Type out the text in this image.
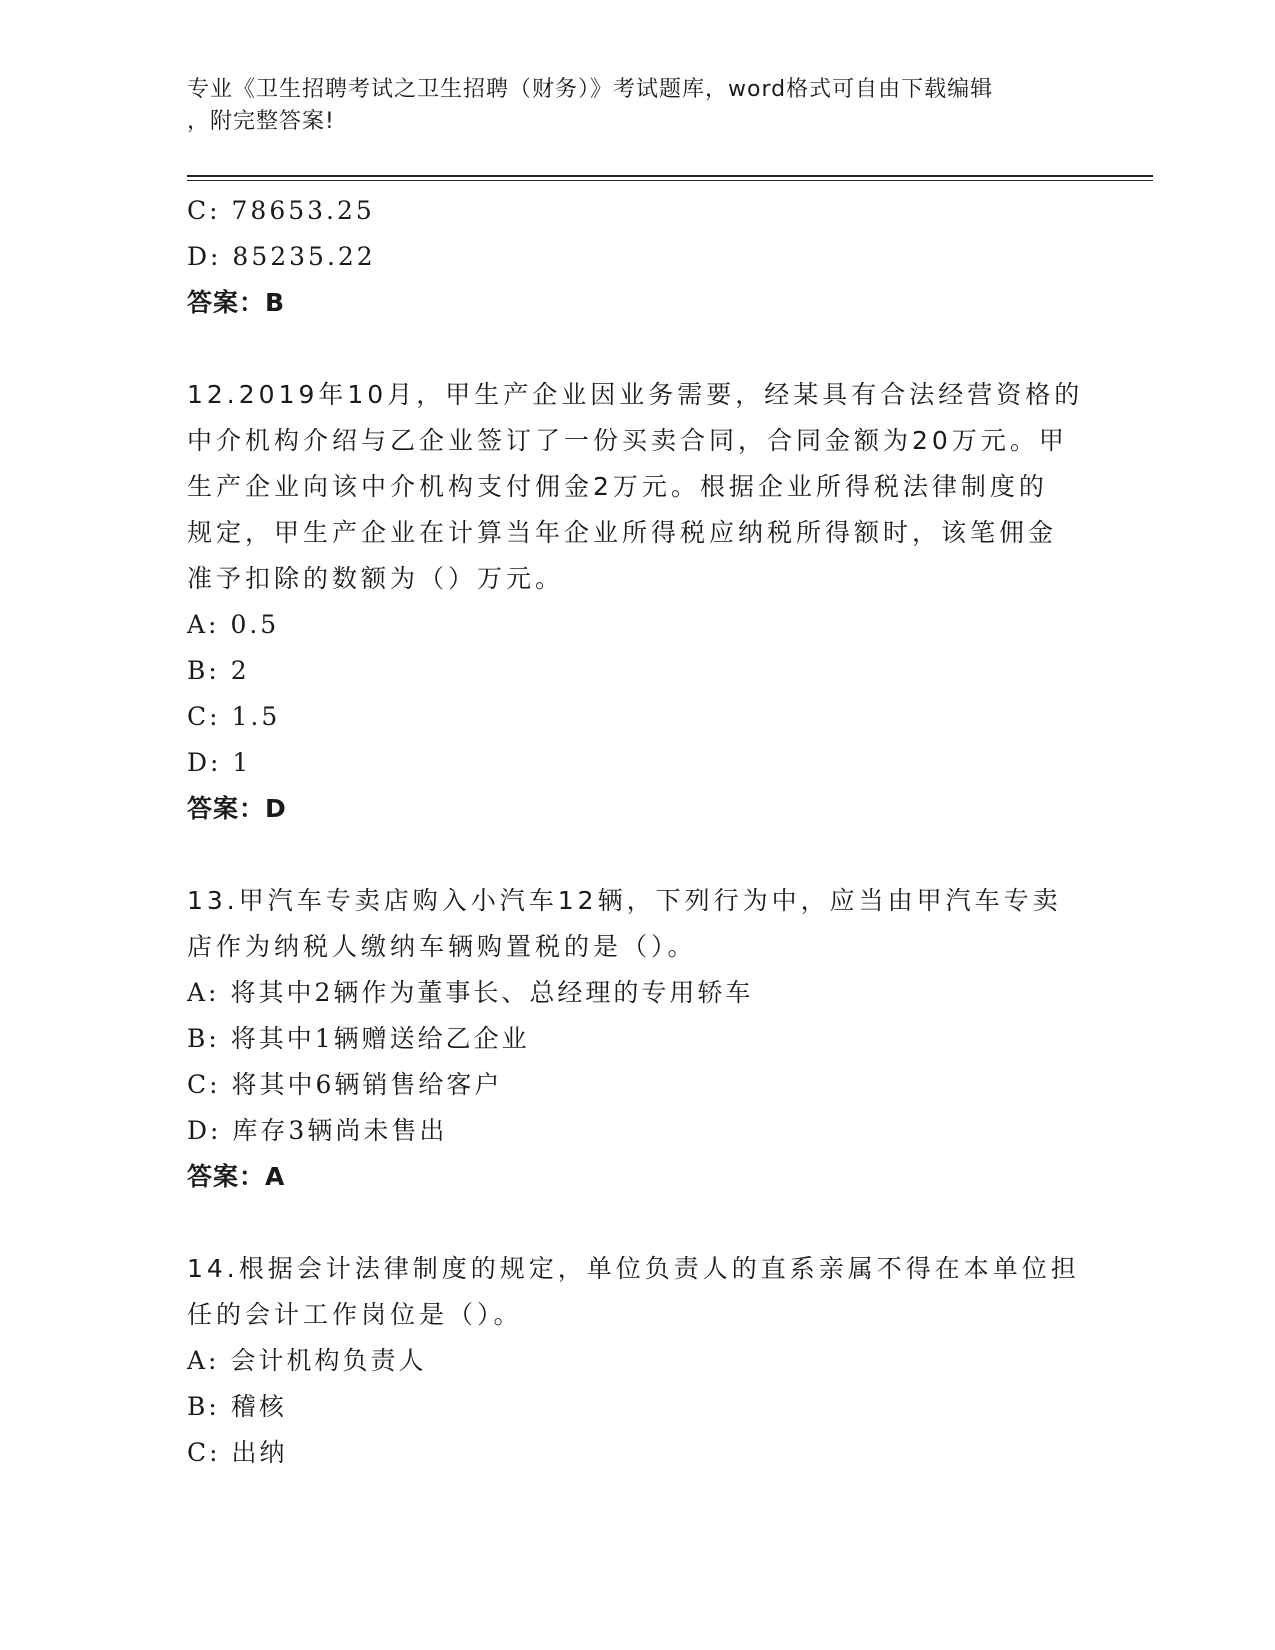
专业《卫生招聘考试之卫生招聘（财务）》考试题库，word格式可自由下载编辑
，附完整答案!
C: 78653.25
D: 85235.22
答案：B
12.2019年10月，甲生产企业因业务需要，经某具有合法经营资格的
中介机构介绍与乙企业签订了一份买卖合同，合同金额为20万元。甲
生产企业向该中介机构支付佣金2万元。根据企业所得税法律制度的
规定，甲生产企业在计算当年企业所得税应纳税所得额时，该笔佣金
准予扣除的数额为（）万元。
A: 0.5
B: 2
C: 1.5
D: 1
答案：D
13.甲汽车专卖店购入小汽车12辆，下列行为中，应当由甲汽车专卖
店作为纳税人缴纳车辆购置税的是（）。
A: 将其中2辆作为董事长、总经理的专用轿车
B: 将其中1辆赠送给乙企业
C: 将其中6辆销售给客户
D: 库存3辆尚未售出
答案：A
14.根据会计法律制度的规定，单位负责人的直系亲属不得在本单位担
任的会计工作岗位是（）。
A: 会计机构负责人
B: 稽核
C: 出纳
